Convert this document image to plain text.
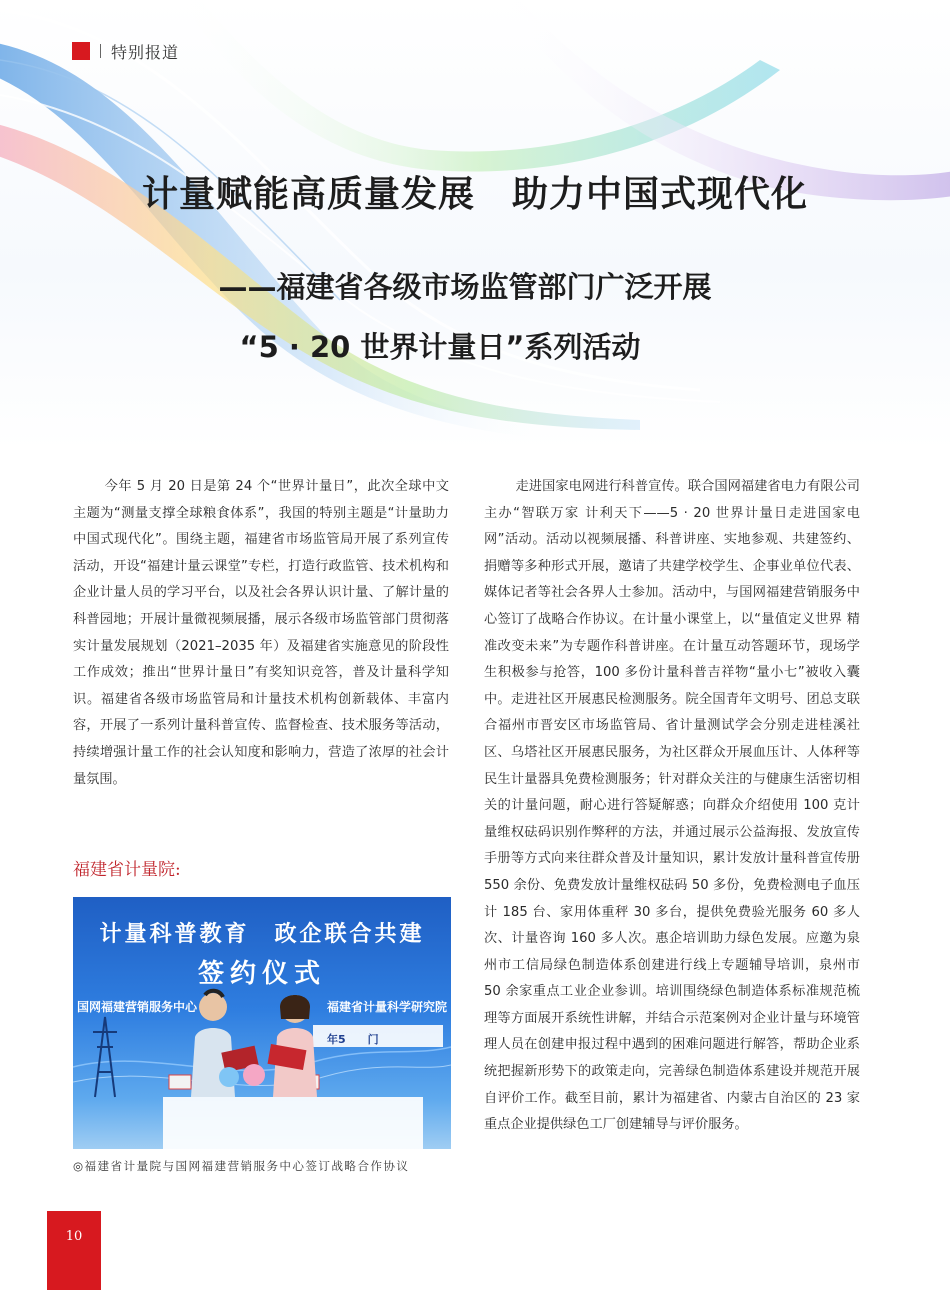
特别报道
计量赋能高质量发展　助力中国式现代化
——福建省各级市场监管部门广泛开展
“5 · 20 世界计量日”系列活动

今年 5 月 20 日是第 24 个“世界计量日”，此次全球中文主题为“测量支撑全球粮食体系”，我国的特别主题是“计量助力中国式现代化”。围绕主题，福建省市场监管局开展了系列宣传活动，开设“福建计量云课堂”专栏，打造行政监管、技术机构和企业计量人员的学习平台，以及社会各界认识计量、了解计量的科普园地；开展计量微视频展播，展示各级市场监管部门贯彻落实计量发展规划（2021–2035 年）及福建省实施意见的阶段性工作成效；推出“世界计量日”有奖知识竞答，普及计量科学知识。福建省各级市场监管局和计量技术机构创新载体、丰富内容，开展了一系列计量科普宣传、监督检查、技术服务等活动，持续增强计量工作的社会认知度和影响力，营造了浓厚的社会计量氛围。

福建省计量院:
计量科普教育　政企联合共建
签约仪式
国网福建营销服务中心	福建省计量科学研究院
年5　　门
◎福建省计量院与国网福建营销服务中心签订战略合作协议

走进国家电网进行科普宣传。联合国网福建省电力有限公司主办“智联万家 计利天下——5 · 20 世界计量日走进国家电网”活动。活动以视频展播、科普讲座、实地参观、共建签约、捐赠等多种形式开展，邀请了共建学校学生、企事业单位代表、媒体记者等社会各界人士参加。活动中，与国网福建营销服务中心签订了战略合作协议。在计量小课堂上，以“量值定义世界 精准改变未来”为专题作科普讲座。在计量互动答题环节，现场学生积极参与抢答，100 多份计量科普吉祥物“量小七”被收入囊中。走进社区开展惠民检测服务。院全国青年文明号、团总支联合福州市晋安区市场监管局、省计量测试学会分别走进桂溪社区、乌塔社区开展惠民服务，为社区群众开展血压计、人体秤等民生计量器具免费检测服务；针对群众关注的与健康生活密切相关的计量问题，耐心进行答疑解惑；向群众介绍使用 100 克计量维权砝码识别作弊秤的方法，并通过展示公益海报、发放宣传手册等方式向来往群众普及计量知识，累计发放计量科普宣传册 550 余份、免费发放计量维权砝码 50 多份，免费检测电子血压计 185 台、家用体重秤 30 多台，提供免费验光服务 60 多人次、计量咨询 160 多人次。惠企培训助力绿色发展。应邀为泉州市工信局绿色制造体系创建进行线上专题辅导培训，泉州市 50 余家重点工业企业参训。培训围绕绿色制造体系标准规范梳理等方面展开系统性讲解，并结合示范案例对企业计量与环境管理人员在创建申报过程中遇到的困难问题进行解答，帮助企业系统把握新形势下的政策走向，完善绿色制造体系建设并规范开展自评价工作。截至目前，累计为福建省、内蒙古自治区的 23 家重点企业提供绿色工厂创建辅导与评价服务。

10
